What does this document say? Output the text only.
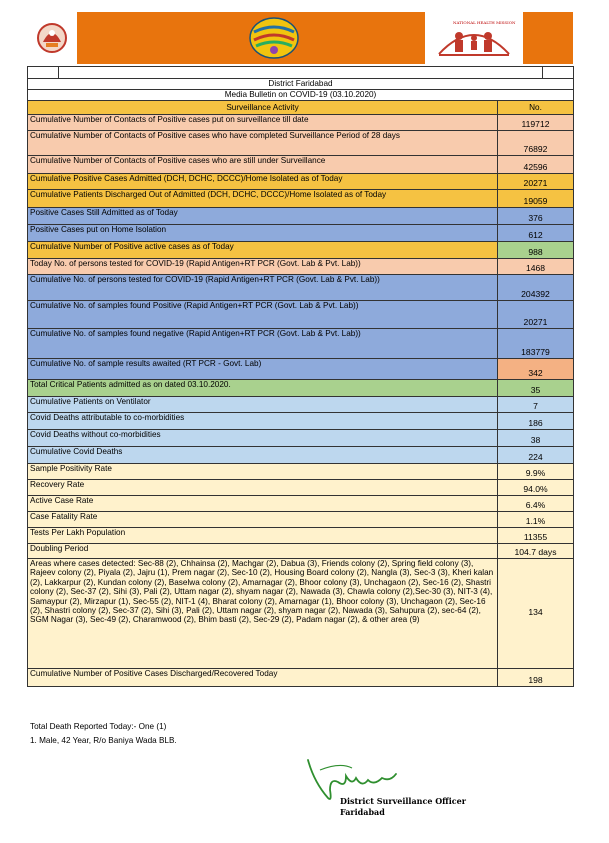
NATIONAL HEALTH MISSION

District Faridabad	
Media Bulletin on COVID-19 (03.10.2020)	
Surveillance Activity	No.
Cumulative Number of Contacts of Positive cases put on surveillance till date	119712
Cumulative Number of Contacts of Positive cases who have completed Surveillance Period of 28 days	76892
Cumulative Number of Contacts of Positive cases who are still under Surveillance	42596
Cumulative Positive Cases Admitted (DCH, DCHC, DCCC)/Home Isolated as of Today	20271
Cumulative Patients Discharged Out of Admitted (DCH, DCHC, DCCC)/Home Isolated as of Today	19059
Positive Cases Still Admitted as of Today	376
Positive Cases put on Home Isolation	612
Cumulative Number of Positive active cases as of Today	988
Today No. of persons tested for COVID-19 (Rapid Antigen+RT PCR (Govt. Lab & Pvt. Lab))	1468
Cumulative No. of persons tested for COVID-19 (Rapid Antigen+RT PCR (Govt. Lab & Pvt. Lab))	204392
Cumulative No. of samples found Positive (Rapid Antigen+RT PCR (Govt. Lab & Pvt. Lab))	20271
Cumulative No. of samples found negative (Rapid Antigen+RT PCR (Govt. Lab & Pvt. Lab))	183779
Cumulative No. of sample results awaited (RT PCR - Govt. Lab)	342
Total Critical Patients admitted as on dated 03.10.2020.	35
Cumulative Patients on Ventilator	7
Covid Deaths attributable to co-morbidities	186
Covid Deaths without co-morbidities	38
Cumulative Covid Deaths	224
Sample Positivity Rate	9.9%
Recovery Rate	94.0%
Active Case Rate	6.4%
Case Fatality Rate	1.1%
Tests Per Lakh Population	11355
Doubling Period	104.7 days
Areas where cases detected: Sec-88 (2), Chhainsa (2), Machgar (2), Dabua (3), Friends colony (2), Spring field colony (3), Rajeev colony (2), Piyala (2), Jajru (1), Prem nagar (2), Sec-10 (2), Housing Board colony (2), Nangla (3), Sec-3 (3), Kheri kalan (2), Lakkarpur (2), Kundan colony (2), Baselwa colony (2), Amarnagar (2), Bhoor colony (3), Unchagaon (2), Sec-16 (2), Shastri colony (2), Sec-37 (2), Sihi (3), Pali (2), Uttam nagar (2), shyam nagar (2), Nawada (3), Chawla colony (2),Sec-30 (3), NIT-3 (4), Samaypur (2), Mirzapur (1), Sec-55 (2), NIT-1 (4), Bharat colony (2), Amarnagar (1), Bhoor colony (3), Unchagaon (2), Sec-16 (2), Shastri colony (2), Sec-37 (2), Sihi (3), Pali (2), Uttam nagar (2), shyam nagar (2), Nawada (3), Sahupura (2), sec-64 (2), SGM Nagar (3), Sec-49 (2), Charamwood (2), Bhim basti (2), Sec-29 (2), Padam nagar (2), & other area (9)	134
Cumulative Number of Positive Cases Discharged/Recovered Today	198
Total Death Reported Today:- One (1)
1. Male, 42 Year, R/o Baniya Wada BLB.
District Surveillance Officer
Faridabad
